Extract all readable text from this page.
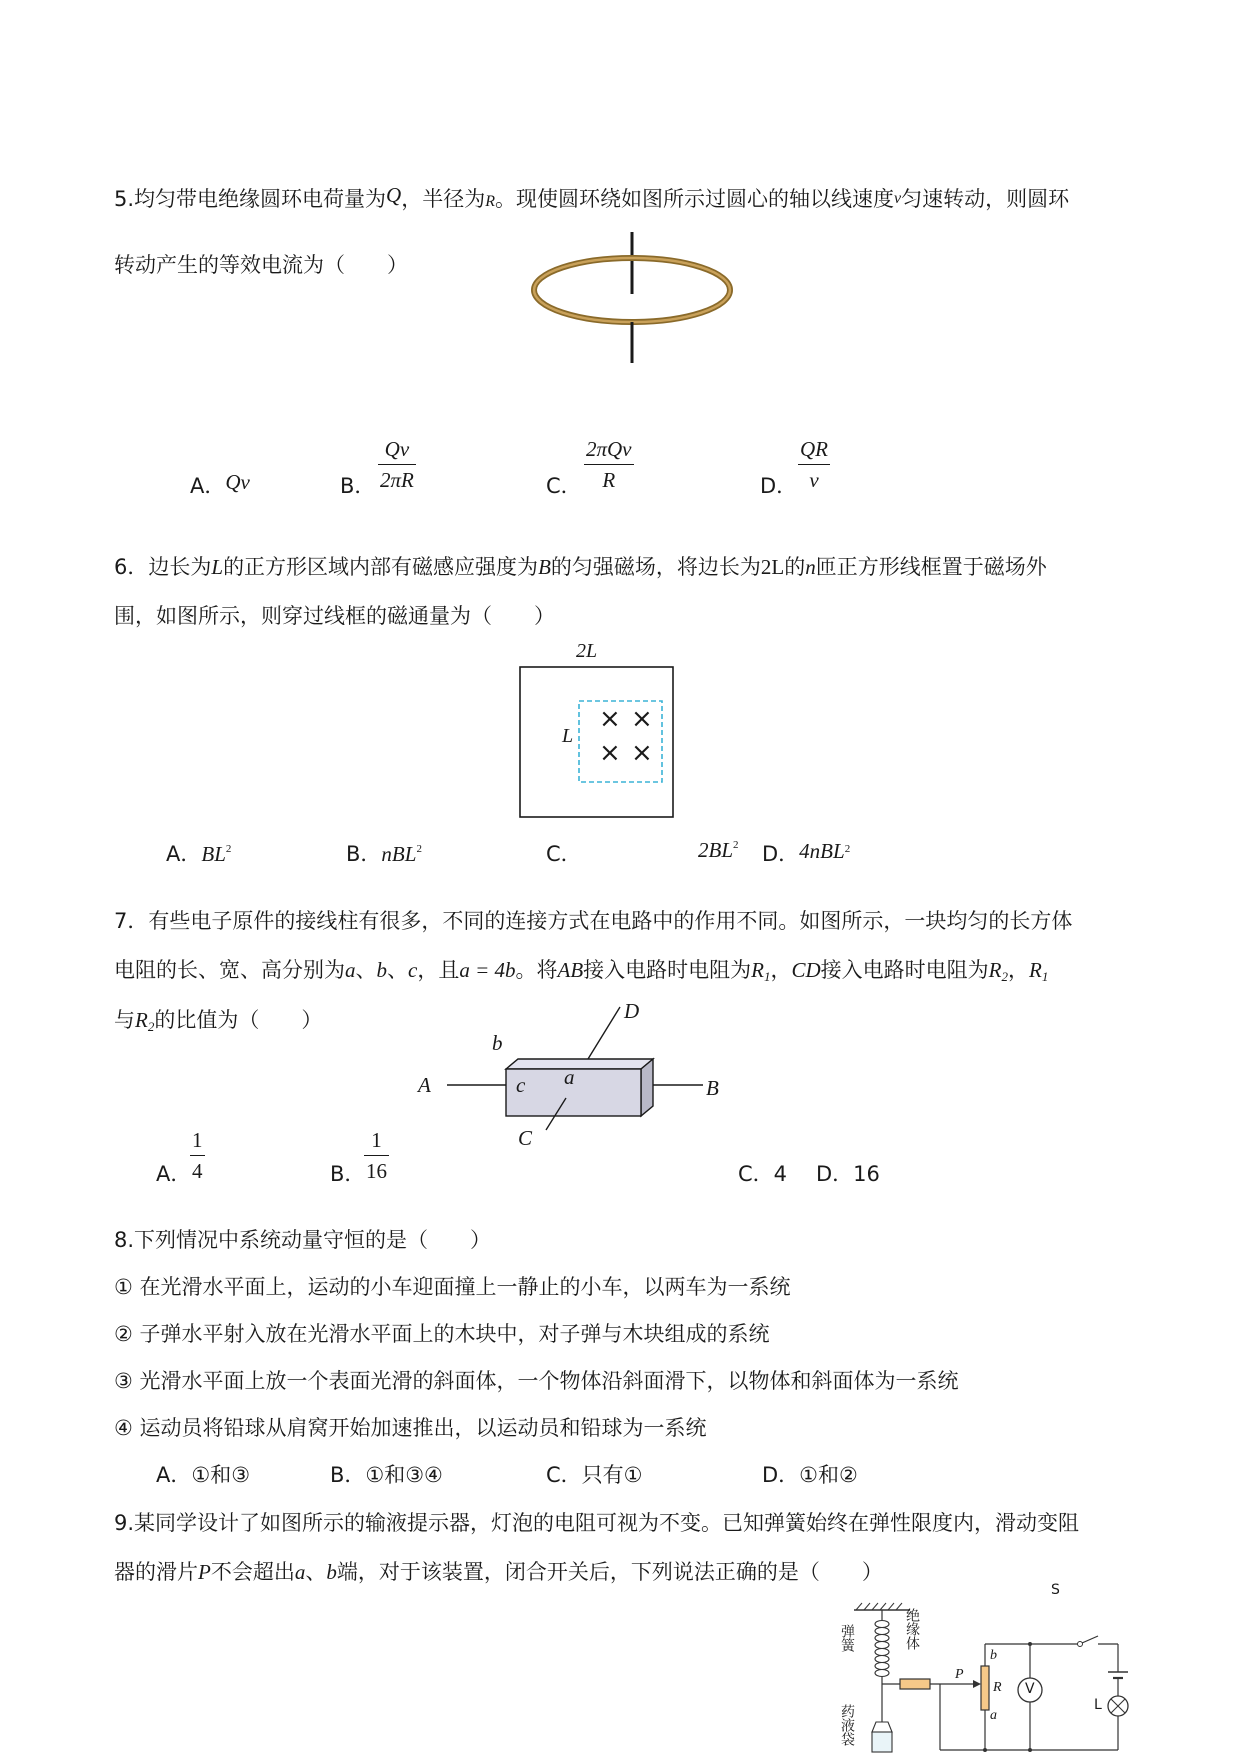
5.均匀带电绝缘圆环电荷量为Q，半径为R。现使圆环绕如图所示过圆心的轴以线速度v匀速转动，则圆环
转动产生的等效电流为（　　）
A．Qv	B．
Qv
2πR	C．
2πQv
R	D．
QR
v
6．边长为L的正方形区域内部有磁感应强度为B的匀强磁场，将边长为2L的n匝正方形线框置于磁场外
围，如图所示，则穿过线框的磁通量为（　　）
2L
L
× ×
× ×
A．$BL^2$	B．nBL$^2$	C．	$2BL^2$ D．4nBL$^2$
7．有些电子原件的接线柱有很多，不同的连接方式在电路中的作用不同。如图所示，一块均匀的长方体
电阻的长、宽、高分别为a、b、c，且a = 4b。将AB接入电路时电阻为$R_1$，CD接入电路时电阻为$R_2$，$R_1$
与$R_2$的比值为（　　）	D
b
A	c a	B
C
A．
1
4	B．
1
16	C．4 D．16
8.下列情况中系统动量守恒的是（　　）
① 在光滑水平面上，运动的小车迎面撞上一静止的小车，以两车为一系统
② 子弹水平射入放在光滑水平面上的木块中，对子弹与木块组成的系统
③ 光滑水平面上放一个表面光滑的斜面体，一个物体沿斜面滑下，以物体和斜面体为一系统
④ 运动员将铅球从肩窝开始加速推出，以运动员和铅球为一系统
A．①和③	B．①和③④	C．只有①	D．①和②
9.某同学设计了如图所示的输液提示器，灯泡的电阻可视为不变。已知弹簧始终在弹性限度内，滑动变阻
器的滑片P不会超出a、b端，对于该装置，闭合开关后，下列说法正确的是（　　）
S
弹簧	绝缘体
P
b
R
a
V
L
药液袋
